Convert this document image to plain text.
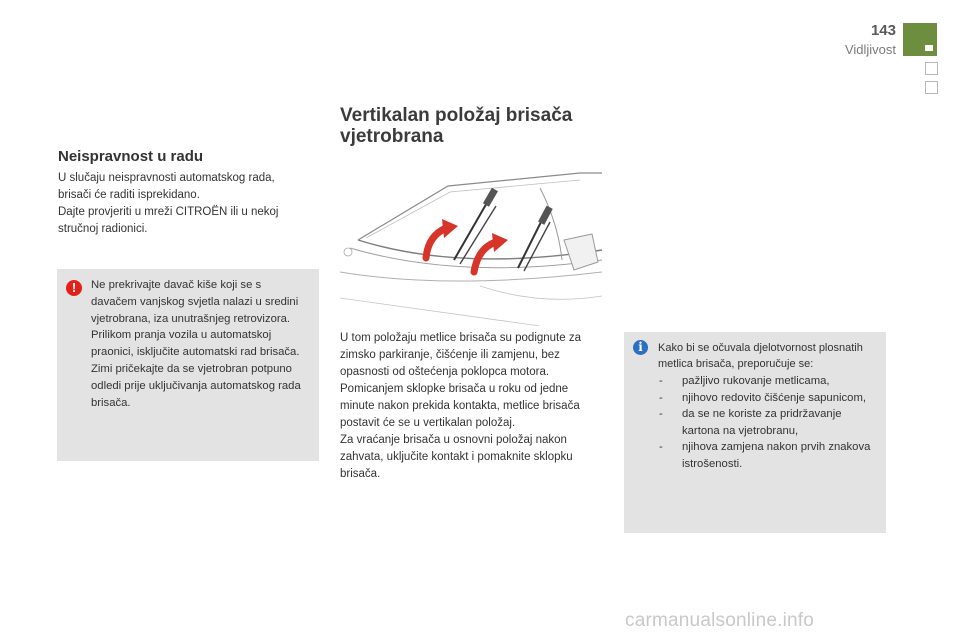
143
Vidljivost
Vertikalan položaj brisača vjetrobrana
Neispravnost u radu
U slučaju neispravnosti automatskog rada, brisači će raditi isprekidano.
Dajte provjeriti u mreži CITROËN ili u nekoj stručnoj radionici.
!	Ne prekrivajte davač kiše koji se s davačem vanjskog svjetla nalazi u sredini vjetrobrana, iza unutrašnjeg retrovizora.
Prilikom pranja vozila u automatskoj praonici, isključite automatski rad brisača.
Zimi pričekajte da se vjetrobran potpuno odledi prije uključivanja automatskog rada brisača.
U tom položaju metlice brisača su podignute za zimsko parkiranje, čišćenje ili zamjenu, bez opasnosti od oštećenja poklopca motora.
Pomicanjem sklopke brisača u roku od jedne minute nakon prekida kontakta, metlice brisača postavit će se u vertikalan položaj.
Za vraćanje brisača u osnovni položaj nakon zahvata, uključite kontakt i pomaknite sklopku brisača.
i	Kako bi se očuvala djelotvornost plosnatih metlica brisača, preporučuje se:
- pažljivo rukovanje metlicama,
- njihovo redovito čišćenje sapunicom,
- da se ne koriste za pridržavanje kartona na vjetrobranu,
- njihova zamjena nakon prvih znakova istrošenosti.
carmanualsonline.info
